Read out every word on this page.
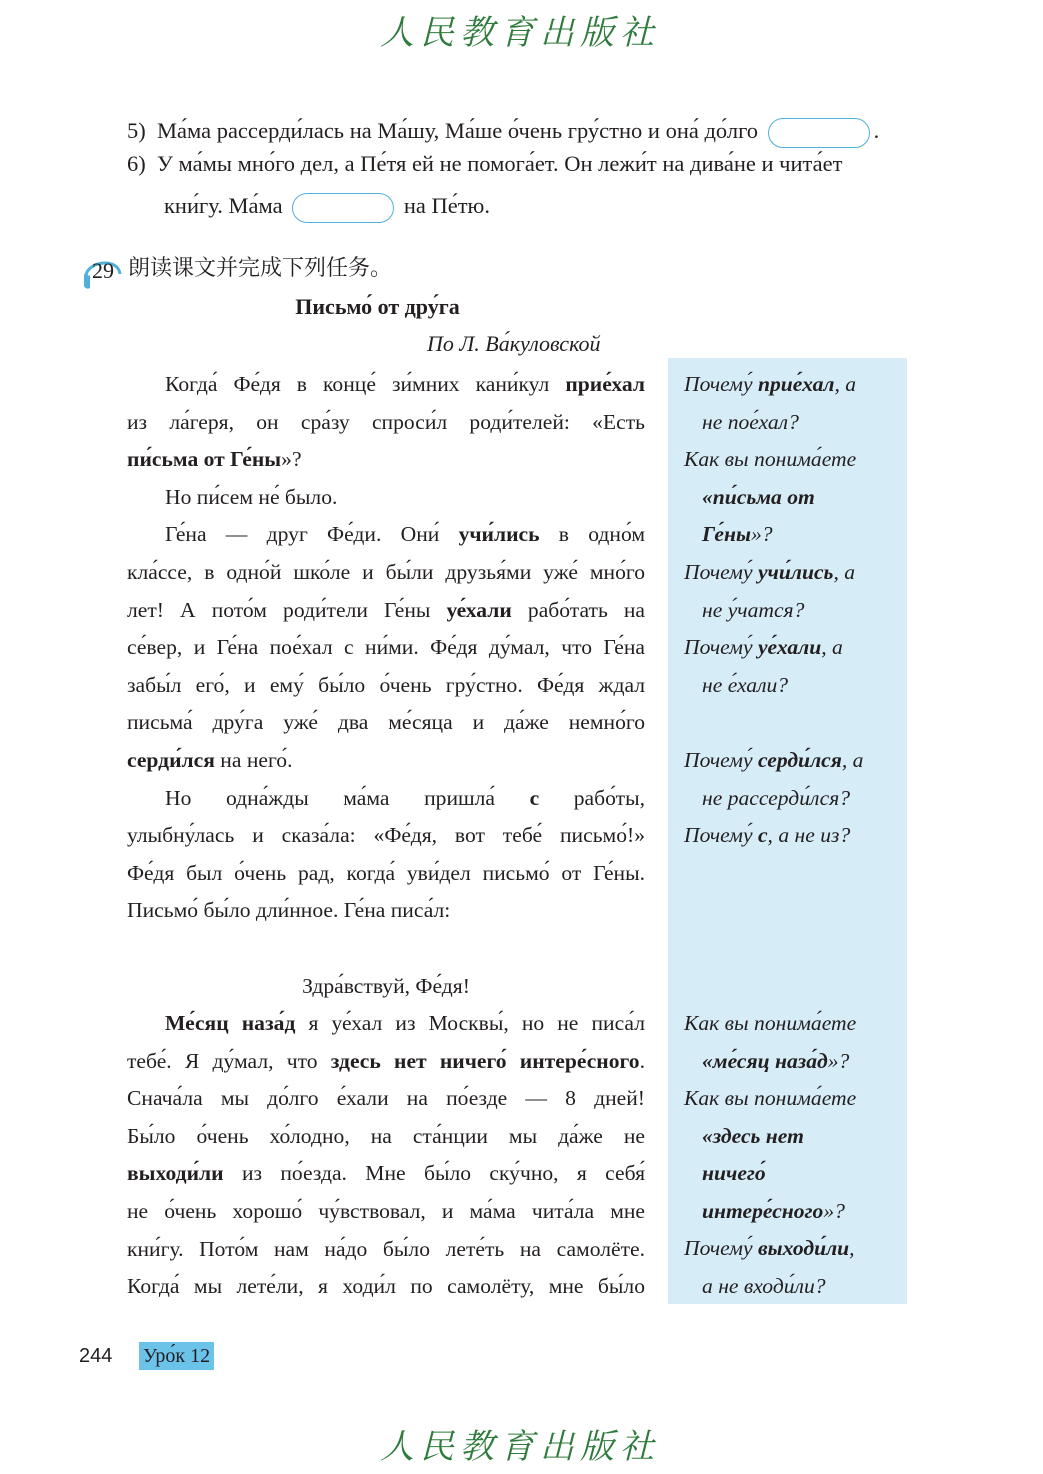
人民教育出版社
5) Ма́ма рассерди́лась на Ма́шу, Ма́ше о́чень гру́стно и она́ до́лго	.
6) У ма́мы мно́го дел, а Пе́тя ей не помога́ет. Он лежи́т на дива́не и чита́ет
кни́гу. Ма́ма	на Пе́тю.
29 朗读课文并完成下列任务。
Письмо́ от дру́га
По Л. Ва́куловской

Когда́ Фе́дя в конце́ зи́мних кани́кул прие́хал

из ла́геря, он сра́зу спроси́л роди́телей: «Есть

пи́сьма от Ге́ны»?

Но пи́сем не́ было.

Ге́на — друг Фе́ди. Они́ учи́лись в одно́м

кла́ссе, в одно́й шко́ле и бы́ли друзья́ми уже́ мно́го

лет! А пото́м роди́тели Ге́ны уе́хали рабо́тать на

се́вер, и Ге́на пое́хал с ни́ми. Фе́дя ду́мал, что Ге́на

забы́л его́, и ему́ бы́ло о́чень гру́стно. Фе́дя ждал

письма́ дру́га уже́ два ме́сяца и да́же немно́го

серди́лся на него́.

Но одна́жды ма́ма пришла́ с рабо́ты,

улыбну́лась и сказа́ла: «Фе́дя, вот тебе́ письмо́!»

Фе́дя был о́чень рад, когда́ уви́дел письмо́ от Ге́ны.

Письмо́ бы́ло дли́нное. Ге́на писа́л:

Здра́вствуй, Фе́дя!

Ме́сяц наза́д я уе́хал из Москвы́, но не писа́л

тебе́. Я ду́мал, что здесь нет ничего́ интере́сного.

Снача́ла мы до́лго е́хали на по́езде — 8 дней!

Бы́ло о́чень хо́лодно, на ста́нции мы да́же не

выходи́ли из по́езда. Мне бы́ло ску́чно, я себя́

не о́чень хорошо́ чу́вствовал, и ма́ма чита́ла мне

кни́гу. Пото́м нам на́до бы́ло лете́ть на самолёте.

Когда́ мы лете́ли, я ходи́л по самолёту, мне бы́ло

Почему́ прие́хал, а
не пое́хал?
Как вы понима́ете
«пи́сьма от
Ге́ны»?
Почему́ учи́лись, а
не у́чатся?
Почему́ уе́хали, а
не е́хали?
Почему́ серди́лся, а
не рассерди́лся?
Почему́ с, а не из?
Как вы понима́ете
«ме́сяц наза́д»?
Как вы понима́ете
«здесь нет
ничего́
интере́сного»?
Почему́ выходи́ли,
а не входи́ли?
244 Уро́к 12
人民教育出版社
